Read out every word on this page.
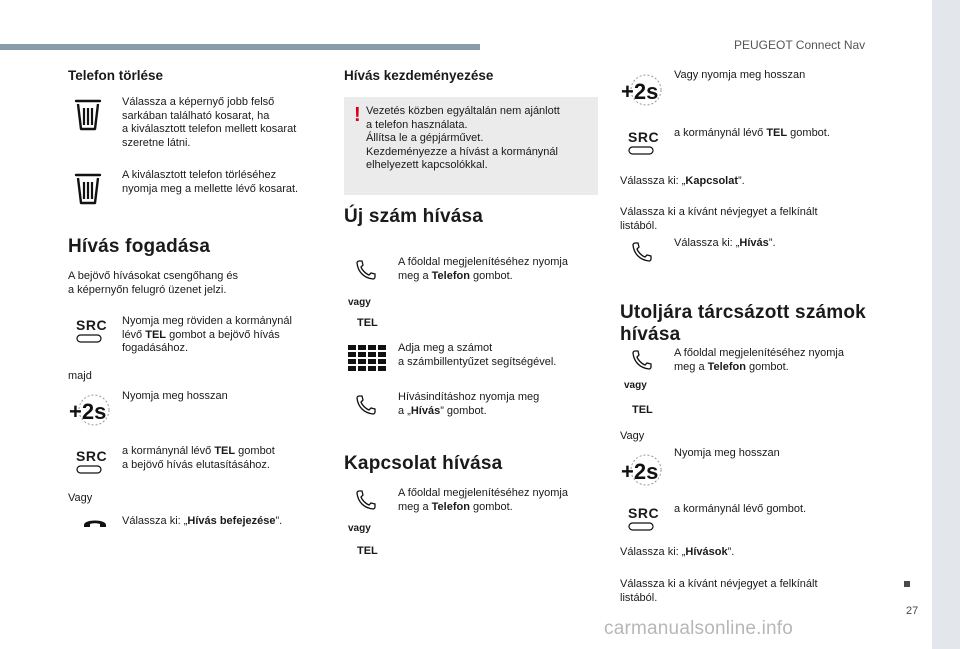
PEUGEOT Connect Nav
27
carmanualsonline.info
Telefon törlése
Válassza a képernyő jobb felső
sarkában található kosarat, ha
a kiválasztott telefon mellett kosarat
szeretne látni.
A kiválasztott telefon törléséhez
nyomja meg a mellette lévő kosarat.
Hívás fogadása
A bejövő hívásokat csengőhang és
a képernyőn felugró üzenet jelzi.
SRC Nyomja meg röviden a kormánynál
lévő TEL gombot a bejövő hívás
fogadásához.
majd
+2s
Nyomja meg hosszan
SRC a kormánynál lévő TEL gombot
a bejövő hívás elutasításához.
Vagy
Válassza ki: „Hívás befejezése”.
Hívás kezdeményezése
! Vezetés közben egyáltalán nem ajánlott
a telefon használata.
Állítsa le a gépjárművet.
Kezdeményezze a hívást a kormánynál
elhelyezett kapcsolókkal.
Új szám hívása
vagy
TEL
A főoldal megjelenítéséhez nyomja
meg a Telefon gombot.
Adja meg a számot
a számbillentyűzet segítségével.
Hívásindításhoz nyomja meg
a „Hívás” gombot.
Kapcsolat hívása
vagy
TEL
A főoldal megjelenítéséhez nyomja
meg a Telefon gombot.
+2s
Vagy nyomja meg hosszan
SRC a kormánynál lévő TEL gombot.
Válassza ki: „Kapcsolat”.
Válassza ki a kívánt névjegyet a felkínált
listából.
Válassza ki: „Hívás”.
Utoljára tárcsázott számok
hívása
vagy
TEL
A főoldal megjelenítéséhez nyomja
meg a Telefon gombot.
Vagy
+2s
Nyomja meg hosszan
SRC a kormánynál lévő gombot.
Válassza ki: „Hívások”.
Válassza ki a kívánt névjegyet a felkínált
listából.
